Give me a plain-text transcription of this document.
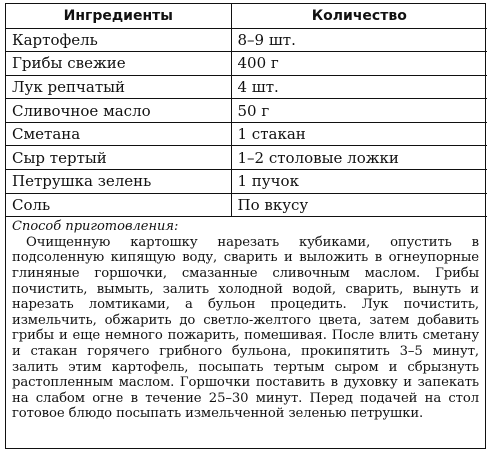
Ингредиенты	Количество
Картофель	8–9 шт.
Грибы свежие	400 г
Лук репчатый	4 шт.
Сливочное масло	50 г
Сметана	1 стакан
Сыр тертый	1–2 столовые ложки
Петрушка зелень	1 пучок
Соль	По вкусу
Способ приготовления:
Очищенную картошку нарезать кубиками, опустить в подсоленную кипящую воду, сварить и выложить в огнеупорные глиняные горшочки, смазанные сливочным маслом. Грибы почистить, вымыть, залить холодной водой, сварить, вынуть и нарезать ломтиками, а бульон процедить. Лук почистить, измельчить, обжарить до светло-желтого цвета, затем добавить грибы и еще немного пожарить, помешивая. После влить сметану и стакан горячего грибного бульона, прокипятить 3–5 минут, залить этим картофель, посыпать тертым сыром и сбрызнуть растопленным маслом. Горшочки поставить в духовку и запекать на слабом огне в течение 25–30 минут. Перед подачей на стол готовое блюдо посыпать измельченной зеленью петрушки.
